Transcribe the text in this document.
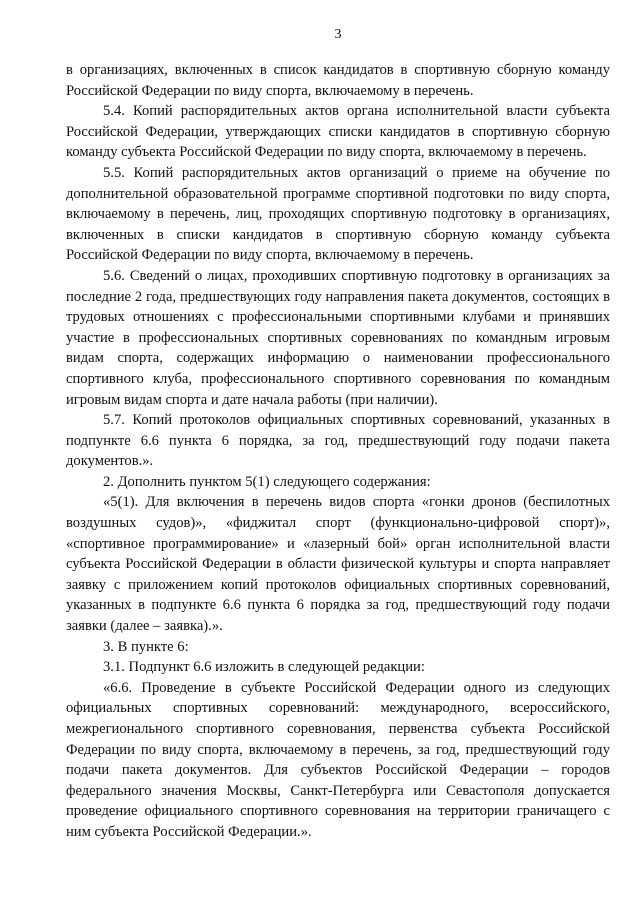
3

в организациях, включенных в список кандидатов в спортивную сборную команду Российской Федерации по виду спорта, включаемому в перечень.

5.4. Копий распорядительных актов органа исполнительной власти субъекта Российской Федерации, утверждающих списки кандидатов в спортивную сборную команду субъекта Российской Федерации по виду спорта, включаемому в перечень.

5.5. Копий распорядительных актов организаций о приеме на обучение по дополнительной образовательной программе спортивной подготовки по виду спорта, включаемому в перечень, лиц, проходящих спортивную подготовку в организациях, включенных в списки кандидатов в спортивную сборную команду субъекта Российской Федерации по виду спорта, включаемому в перечень.

5.6. Сведений о лицах, проходивших спортивную подготовку в организациях за последние 2 года, предшествующих году направления пакета документов, состоящих в трудовых отношениях с профессиональными спортивными клубами и принявших участие в профессиональных спортивных соревнованиях по командным игровым видам спорта, содержащих информацию о наименовании профессионального спортивного клуба, профессионального спортивного соревнования по командным игровым видам спорта и дате начала работы (при наличии).

5.7. Копий протоколов официальных спортивных соревнований, указанных в подпункте 6.6 пункта 6 порядка, за год, предшествующий году подачи пакета документов.».

2. Дополнить пунктом 5(1) следующего содержания:

«5(1). Для включения в перечень видов спорта «гонки дронов (беспилотных воздушных судов)», «фиджитал спорт (функционально-цифровой спорт)», «спортивное программирование» и «лазерный бой» орган исполнительной власти субъекта Российской Федерации в области физической культуры и спорта направляет заявку с приложением копий протоколов официальных спортивных соревнований, указанных в подпункте 6.6 пункта 6 порядка за год, предшествующий году подачи заявки (далее – заявка).».

3. В пункте 6:

3.1. Подпункт 6.6 изложить в следующей редакции:

«6.6. Проведение в субъекте Российской Федерации одного из следующих официальных спортивных соревнований: международного, всероссийского, межрегионального спортивного соревнования, первенства субъекта Российской Федерации по виду спорта, включаемому в перечень, за год, предшествующий году подачи пакета документов. Для субъектов Российской Федерации – городов федерального значения Москвы, Санкт-Петербурга или Севастополя допускается проведение официального спортивного соревнования на территории граничащего с ним субъекта Российской Федерации.».
